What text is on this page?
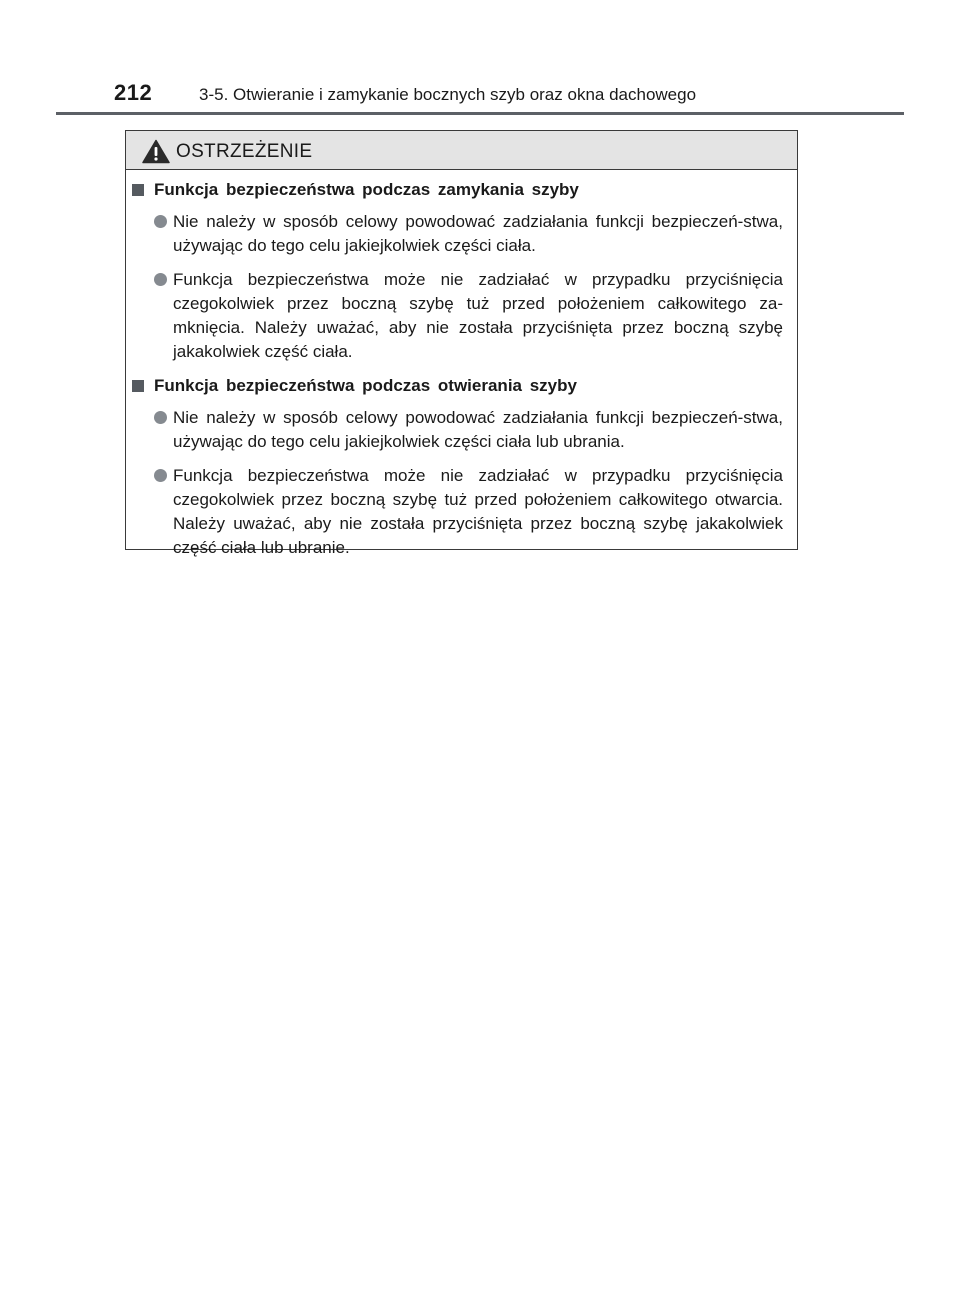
212	3-5. Otwieranie i zamykanie bocznych szyb oraz okna dachowego
OSTRZEŻENIE
Funkcja bezpieczeństwa podczas zamykania szyby
Nie należy w sposób celowy powodować zadziałania funkcji bezpieczeń-stwa, używając do tego celu jakiejkolwiek części ciała.
Funkcja bezpieczeństwa może nie zadziałać w przypadku przyciśnięcia czegokolwiek przez boczną szybę tuż przed położeniem całkowitego za-mknięcia. Należy uważać, aby nie została przyciśnięta przez boczną szybę jakakolwiek część ciała.
Funkcja bezpieczeństwa podczas otwierania szyby
Nie należy w sposób celowy powodować zadziałania funkcji bezpieczeń-stwa, używając do tego celu jakiejkolwiek części ciała lub ubrania.
Funkcja bezpieczeństwa może nie zadziałać w przypadku przyciśnięcia czegokolwiek przez boczną szybę tuż przed położeniem całkowitego otwarcia. Należy uważać, aby nie została przyciśnięta przez boczną szybę jakakolwiek część ciała lub ubranie.
